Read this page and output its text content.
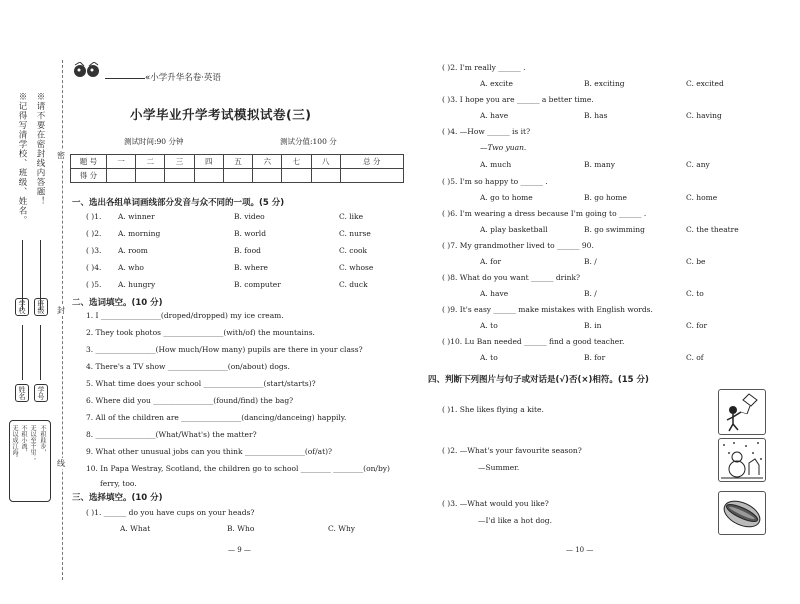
※请不要在密封线内答题！
※记得写清学校、班级、姓名。
学校	班级
姓名	学号
不积跬步，
无以至千里；
不积小流，
无以成江海。
密
封
线
«小学升华名卷·英语
小学毕业升学考试模拟试卷(三)
测试时间:90 分钟	测试分值:100 分
题 号	一	二	三	四	五	六	七	八	总 分
得 分									
一、选出各组单词画线部分发音与众不同的一项。(5 分)
( )1. A. winner	B. video	C. like
( )2. A. morning	B. world	C. nurse
( )3. A. room	B. food	C. cook
( )4. A. who	B. where	C. whose
( )5. A. hungry	B. computer	C. duck
二、选词填空。(10 分)
1. I ________________(droped/dropped) my ice cream.
2. They took photos ________________(with/of) the mountains.
3. ________________(How much/How many) pupils are there in your class?
4. There's a TV show ________________(on/about) dogs.
5. What time does your school ________________(start/starts)?
6. Where did you ________________(found/find) the bag?
7. All of the children are ________________(dancing/danceing) happily.
8. ________________(What/What's) the matter?
9. What other unusual jobs can you think ________________(of/at)?
10. In Papa Westray, Scotland, the children go to school ________ ________(on/by)
ferry, too.
三、选择填空。(10 分)
( )1. ______ do you have cups on your heads?
A. What	B. Who	C. Why
— 9 —
( )2. I'm really ______ .
A. excite	B. exciting	C. excited
( )3. I hope you are ______ a better time.
A. have	B. has	C. having
( )4. —How ______ is it?
—Two yuan.
A. much	B. many	C. any
( )5. I'm so happy to ______ .
A. go to home	B. go home	C. home
( )6. I'm wearing a dress because I'm going to ______ .
A. play basketball	B. go swimming	C. the theatre
( )7. My grandmother lived to ______ 90.
A. for	B. /	C. be
( )8. What do you want ______ drink?
A. have	B. /	C. to
( )9. It's easy ______ make mistakes with English words.
A. to	B. in	C. for
( )10. Lu Ban needed ______ find a good teacher.
A. to	B. for	C. of
四、判断下列图片与句子或对话是(√)否(×)相符。(15 分)
( )1. She likes flying a kite.
( )2. —What's your favourite season?
—Summer.
( )3. —What would you like?
—I'd like a hot dog.
— 10 —
